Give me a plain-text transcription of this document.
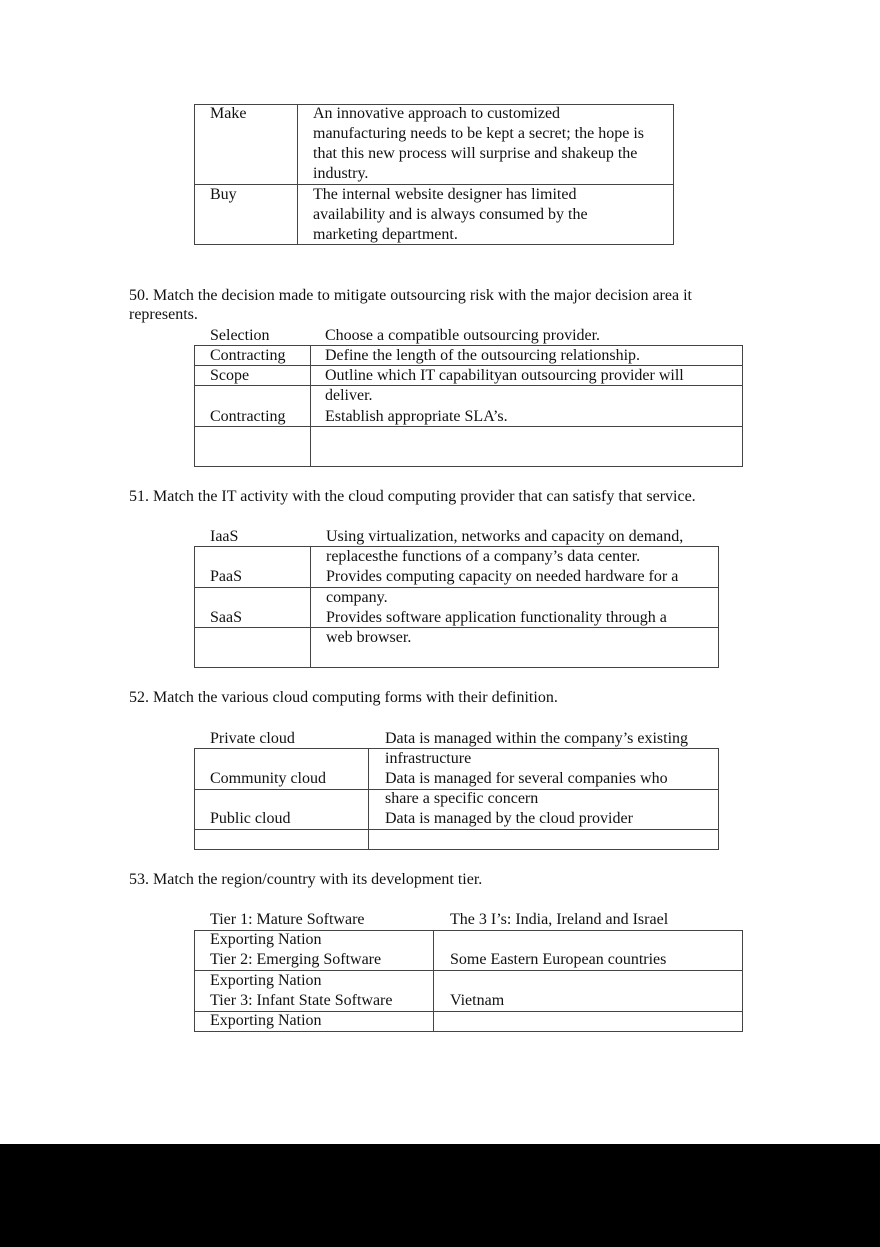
Make	An innovative approach to customized
manufacturing needs to be kept a secret; the hope is
that this new process will surprise and shakeup the
industry.
Buy	The internal website designer has limited
availability and is always consumed by the
marketing department.
50. Match the decision made to mitigate outsourcing risk with the major decision area it
represents.
Selection
Contracting
Scope
Contracting
Choose a compatible outsourcing provider.
Define the length of the outsourcing relationship.
Outline which IT capabilityan outsourcing provider will
deliver.
Establish appropriate SLA’s.
51. Match the IT activity with the cloud computing provider that can satisfy that service.
IaaS
PaaS
SaaS
Using virtualization, networks and capacity on demand,
replacesthe functions of a company’s data center.
Provides computing capacity on needed hardware for a
company.
Provides software application functionality through a
web browser.
52. Match the various cloud computing forms with their definition.
Private cloud
Community cloud
Public cloud
Data is managed within the company’s existing
infrastructure
Data is managed for several companies who
share a specific concern
Data is managed by the cloud provider
53. Match the region/country with its development tier.
Tier 1: Mature Software
Exporting Nation
Tier 2: Emerging Software
Exporting Nation
Tier 3: Infant State Software
Exporting Nation
The 3 I’s: India, Ireland and Israel
Some Eastern European countries
Vietnam
